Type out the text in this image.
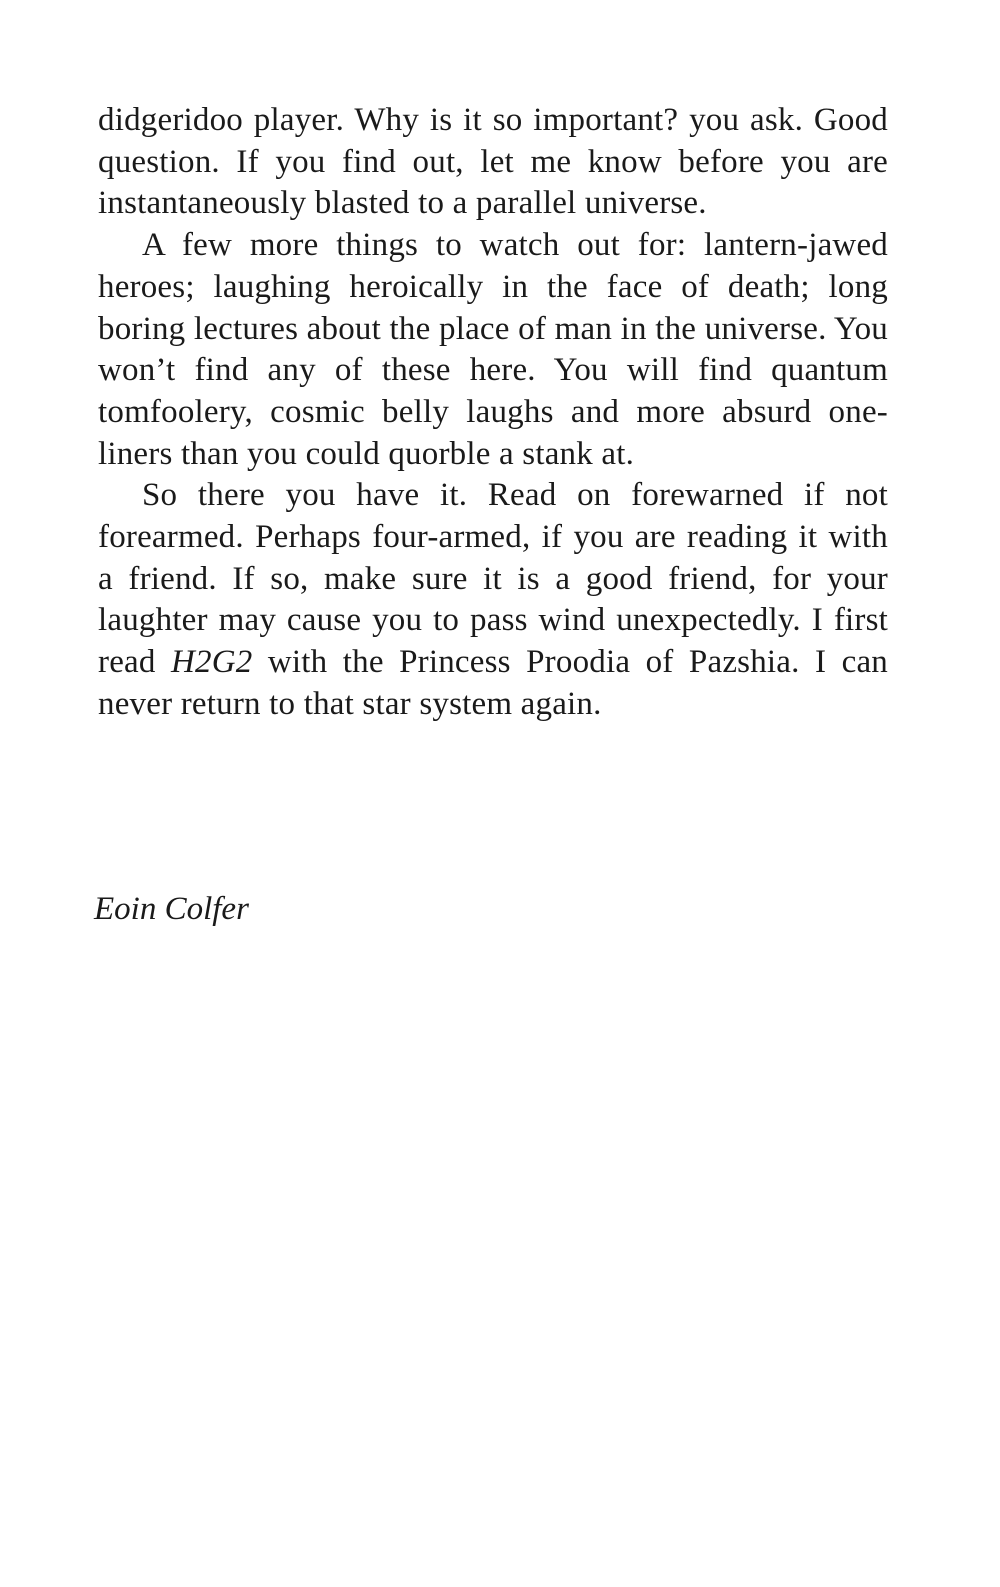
didgeridoo player. Why is it so important? you ask. Good question. If you find out, let me know before you are instantaneously blasted to a parallel universe.

A few more things to watch out for: lantern-jawed heroes; laughing heroically in the face of death; long boring lectures about the place of man in the universe. You won’t find any of these here. You will find quantum tomfoolery, cosmic belly laughs and more absurd one-liners than you could quorble a stank at.

So there you have it. Read on forewarned if not forearmed. Perhaps four-armed, if you are reading it with a friend. If so, make sure it is a good friend, for your laughter may cause you to pass wind unexpectedly. I first read H2G2 with the Princess Proodia of Pazshia. I can never return to that star system again.

Eoin Colfer
